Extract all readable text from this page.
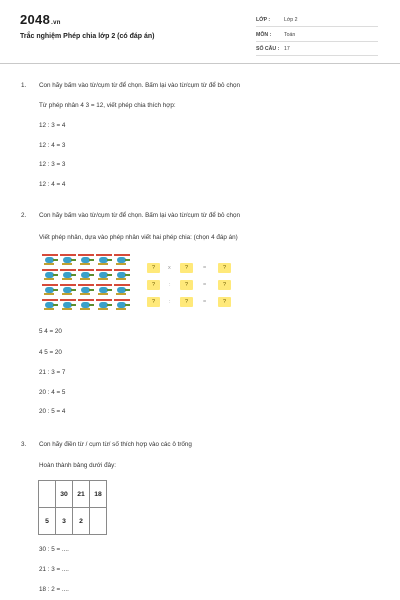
2048.vn
Trắc nghiệm Phép chia lớp 2 (có đáp án)
LỚP :	Lớp 2
MÔN : Toán
SỐ CÂU : 17
1. Con hãy bấm vào từ/cụm từ để chọn. Bấm lại vào từ/cụm từ để bỏ chọn
Từ phép nhân 4 3 = 12, viết phép chia thích hợp:
12 : 3 = 4
12 : 4 = 3
12 : 3 = 3
12 : 4 = 4
2. Con hãy bấm vào từ/cụm từ để chọn. Bấm lại vào từ/cụm từ để bỏ chọn
Viết phép nhân, dựa vào phép nhân viết hai phép chia: (chọn 4 đáp án)
?	x	?	=	?
?	:	?	=	?
?	:	?	=	?
5 4 = 20
4 5 = 20
21 : 3 = 7
20 : 4 = 5
20 : 5 = 4
3. Con hãy điền từ / cụm từ/ số thích hợp vào các ô trống
Hoàn thành bảng dưới đây:
	30	21	18
5	3	2	
30 : 5 = ....
21 : 3 = ....
18 : 2 = ....
